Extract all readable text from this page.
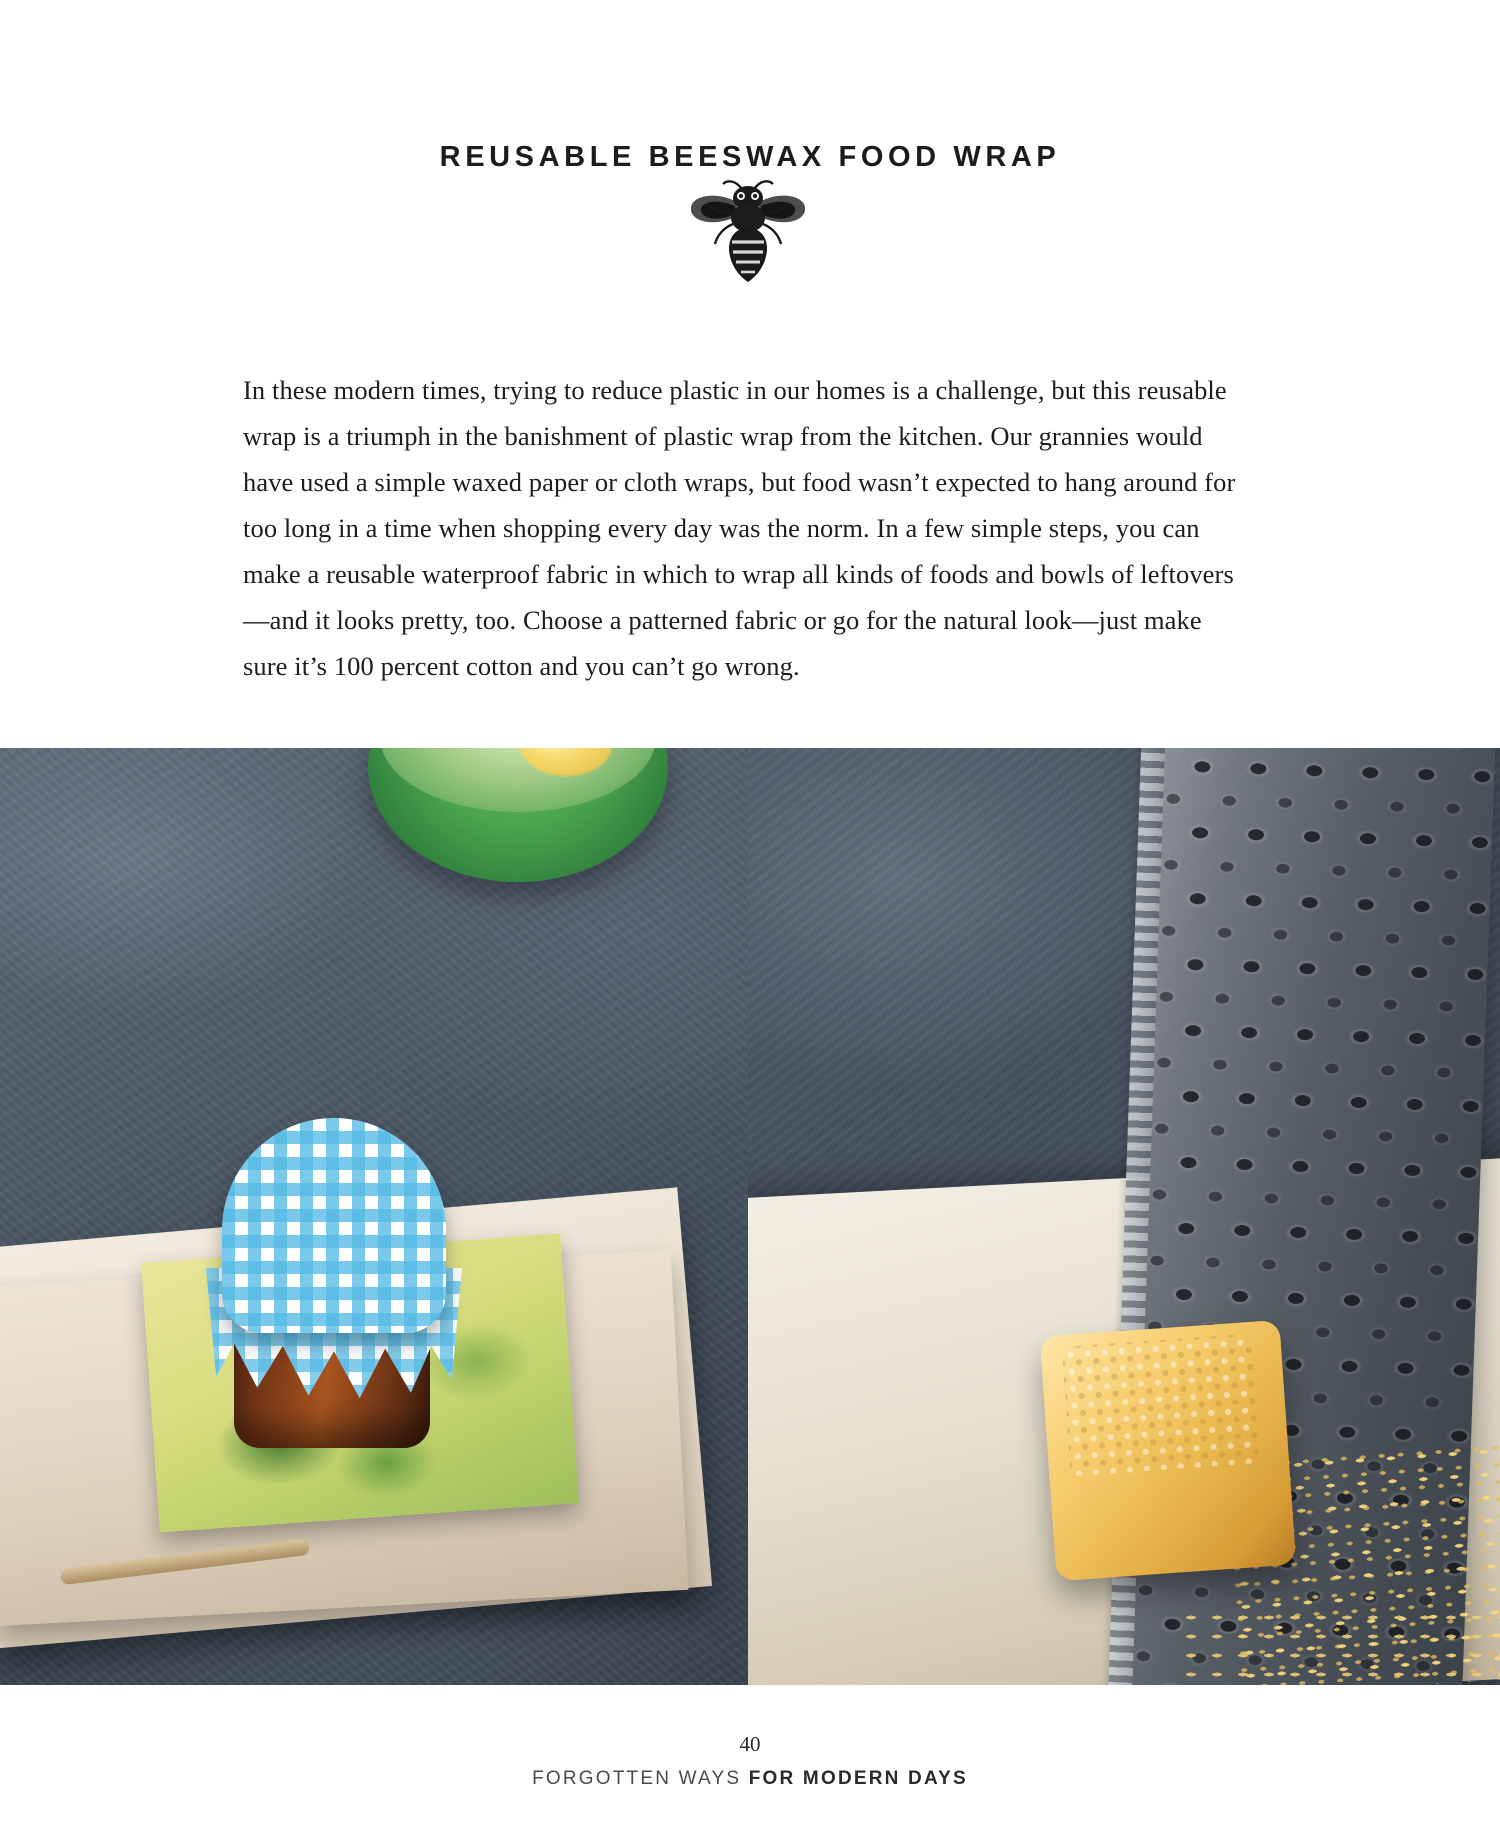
REUSABLE BEESWAX FOOD WRAP

In these modern times, trying to reduce plastic in our homes is a challenge, but this reusable wrap is a triumph in the banishment of plastic wrap from the kitchen. Our grannies would have used a simple waxed paper or cloth wraps, but food wasn’t expected to hang around for too long in a time when shopping every day was the norm. In a few simple steps, you can make a reusable waterproof fabric in which to wrap all kinds of foods and bowls of leftovers—and it looks pretty, too. Choose a patterned fabric or go for the natural look—just make sure it’s 100 percent cotton and you can’t go wrong.

40
FORGOTTEN WAYS FOR MODERN DAYS
